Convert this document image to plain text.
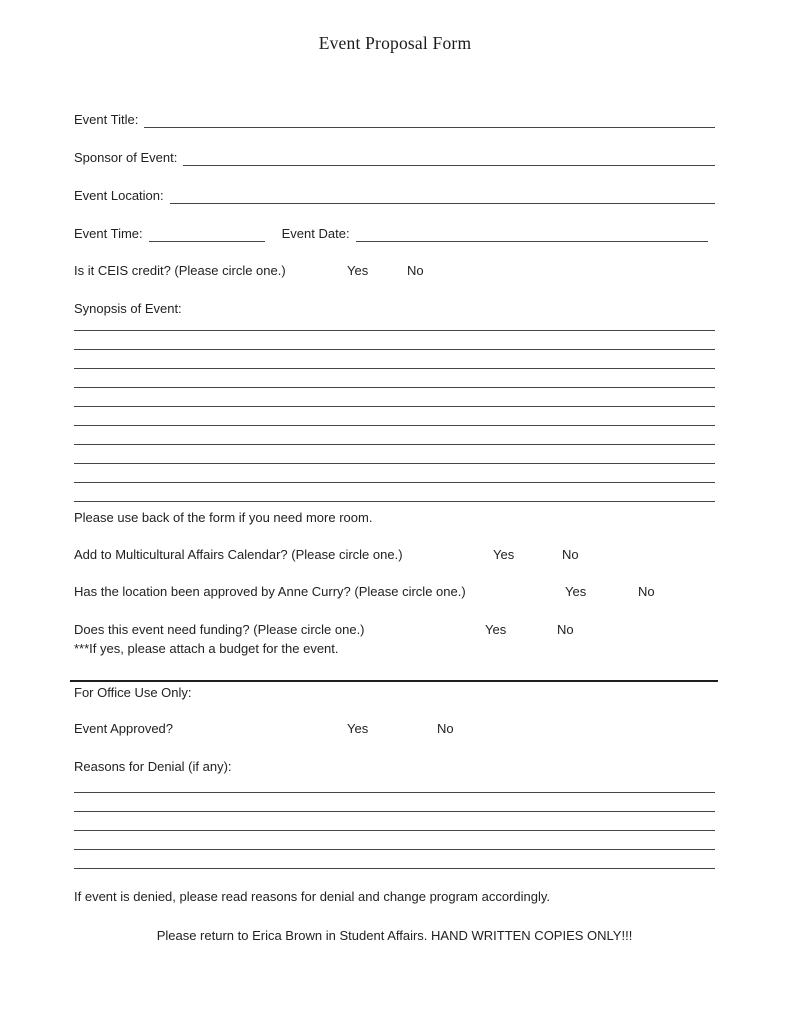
Event Proposal Form
Event Title:
Sponsor of Event:
Event Location:
Event Time:	Event Date:
Is it CEIS credit? (Please circle one.)	Yes	No
Synopsis of Event:
Please use back of the form if you need more room.
Add to Multicultural Affairs Calendar? (Please circle one.)	Yes	No
Has the location been approved by Anne Curry? (Please circle one.)	Yes	No
Does this event need funding? (Please circle one.)	Yes	No
***If yes, please attach a budget for the event.
For Office Use Only:
Event Approved?	Yes	No
Reasons for Denial (if any):
If event is denied, please read reasons for denial and change program accordingly.
Please return to Erica Brown in Student Affairs. HAND WRITTEN COPIES ONLY!!!
